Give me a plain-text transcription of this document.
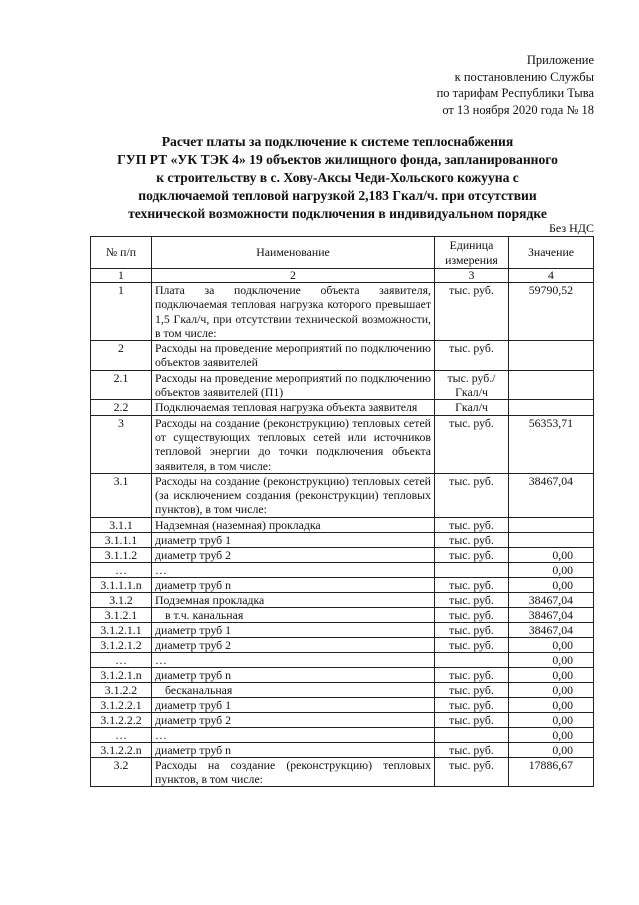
Приложение
к постановлению Службы
по тарифам Республики Тыва
от 13 ноября 2020 года № 18
Расчет платы за подключение к системе теплоснабжения
ГУП РТ «УК ТЭК 4» 19 объектов жилищного фонда, запланированного
к строительству в с. Хову-Аксы Чеди-Хольского кожууна с
подключаемой тепловой нагрузкой 2,183 Гкал/ч. при отсутствии
технической возможности подключения в индивидуальном порядке
Без НДС
№ п/п	Наименование	Единица измерения	Значение
1	2	3	4
1	Плата за подключение объекта заявителя, подключаемая тепловая нагрузка которого превышает 1,5 Гкал/ч, при отсутствии технической возможности, в том числе:	тыс. руб.	59790,52
2	Расходы на проведение мероприятий по подключению объектов заявителей	тыс. руб.	
2.1	Расходы на проведение мероприятий по подключению объектов заявителей (П1)	тыс. руб./ Гкал/ч	
2.2	Подключаемая тепловая нагрузка объекта заявителя	Гкал/ч	
3	Расходы на создание (реконструкцию) тепловых сетей от существующих тепловых сетей или источников тепловой энергии до точки подключения объекта заявителя, в том числе:	тыс. руб.	56353,71
3.1	Расходы на создание (реконструкцию) тепловых сетей (за исключением создания (реконструкции) тепловых пунктов), в том числе:	тыс. руб.	38467,04
3.1.1	Надземная (наземная) прокладка	тыс. руб.	
3.1.1.1	диаметр труб 1	тыс. руб.	
3.1.1.2	диаметр труб 2	тыс. руб.	0,00
…	…		0,00
3.1.1.1.n	диаметр труб n	тыс. руб.	0,00
3.1.2	Подземная прокладка	тыс. руб.	38467,04
3.1.2.1	в т.ч. канальная	тыс. руб.	38467,04
3.1.2.1.1	диаметр труб 1	тыс. руб.	38467,04
3.1.2.1.2	диаметр труб 2	тыс. руб.	0,00
…	…		0,00
3.1.2.1.n	диаметр труб n	тыс. руб.	0,00
3.1.2.2	бесканальная	тыс. руб.	0,00
3.1.2.2.1	диаметр труб 1	тыс. руб.	0,00
3.1.2.2.2	диаметр труб 2	тыс. руб.	0,00
…	…		0,00
3.1.2.2.n	диаметр труб n	тыс. руб.	0,00
3.2	Расходы на создание (реконструкцию) тепловых пунктов, в том числе:	тыс. руб.	17886,67
